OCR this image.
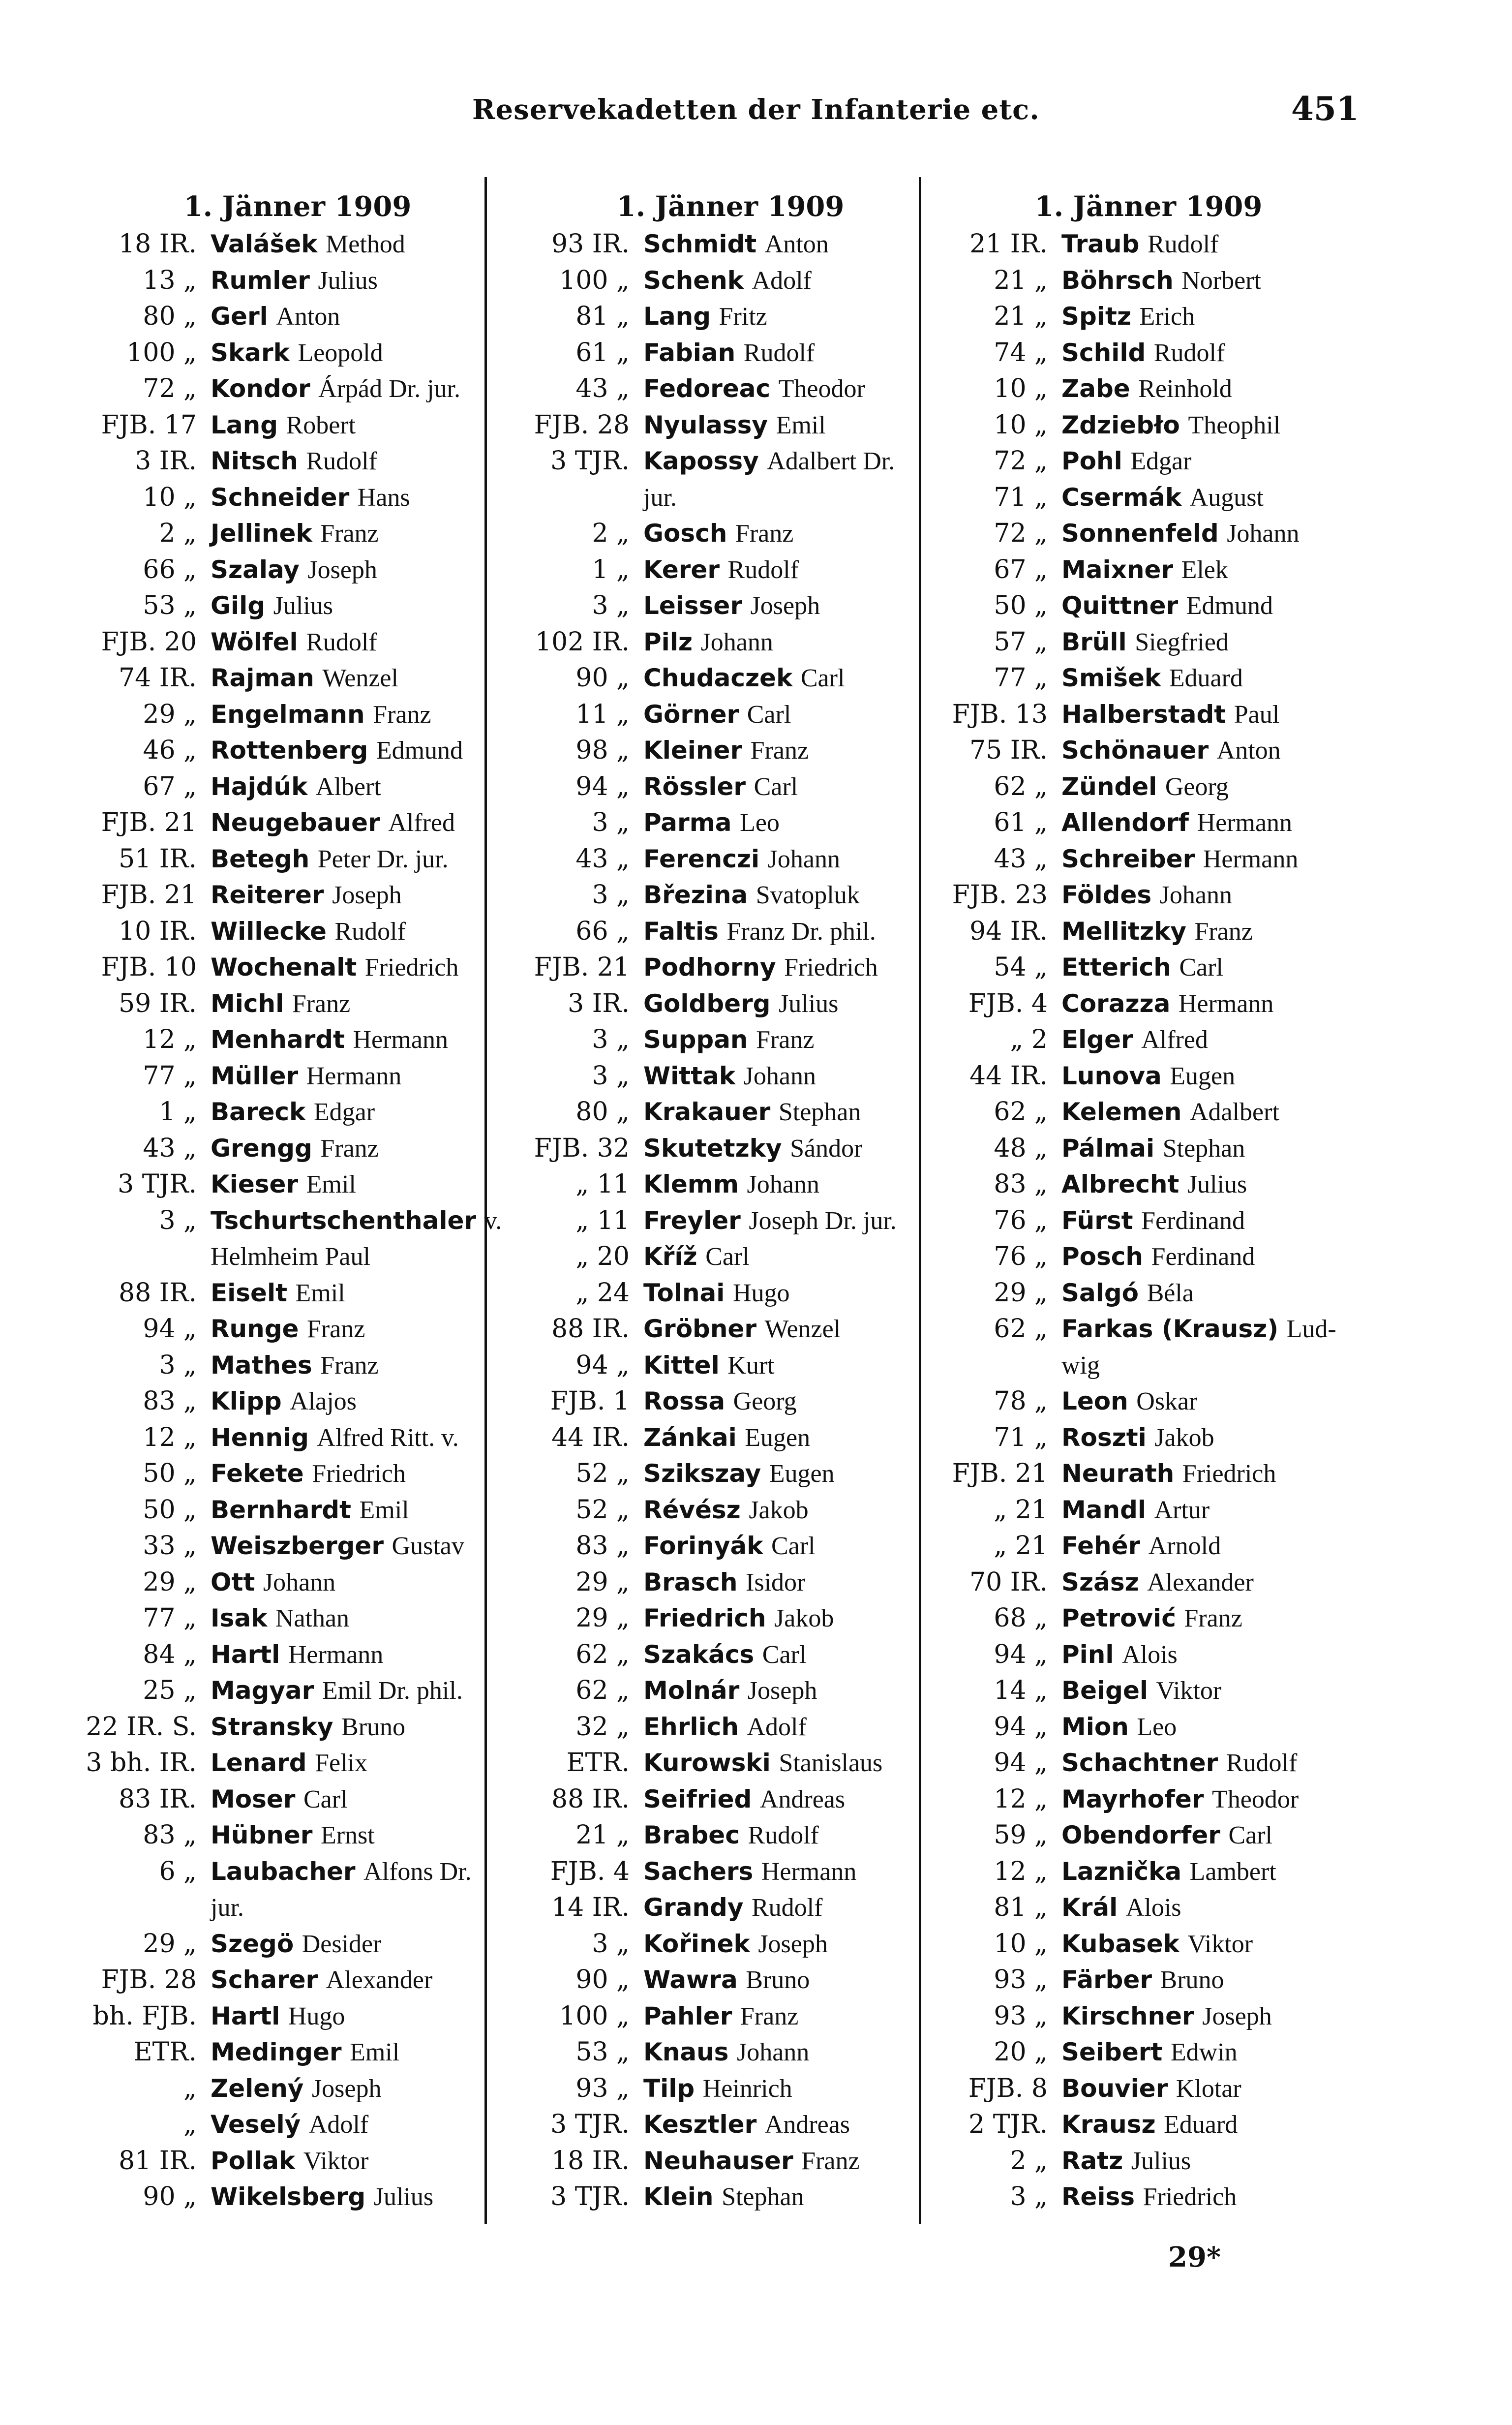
Reservekadetten der Infanterie etc.	451
1. Jänner 1909
18 IR. Valášek Method
13 „ Rumler Julius
80 „ Gerl Anton
100 „ Skark Leopold
72 „ Kondor Árpád Dr. jur.
FJB. 17 Lang Robert
3 IR. Nitsch Rudolf
10 „ Schneider Hans
2 „ Jellinek Franz
66 „ Szalay Joseph
53 „ Gilg Julius
FJB. 20 Wölfel Rudolf
74 IR. Rajman Wenzel
29 „ Engelmann Franz
46 „ Rottenberg Edmund
67 „ Hajdúk Albert
FJB. 21 Neugebauer Alfred
51 IR. Betegh Peter Dr. jur.
FJB. 21 Reiterer Joseph
10 IR. Willecke Rudolf
FJB. 10 Wochenalt Friedrich
59 IR. Michl Franz
12 „ Menhardt Hermann
77 „ Müller Hermann
1 „ Bareck Edgar
43 „ Grengg Franz
3 TJR. Kieser Emil
3 „ Tschurtschenthaler v.
Helmheim Paul
88 IR. Eiselt Emil
94 „ Runge Franz
3 „ Mathes Franz
83 „ Klipp Alajos
12 „ Hennig Alfred Ritt. v.
50 „ Fekete Friedrich
50 „ Bernhardt Emil
33 „ Weiszberger Gustav
29 „ Ott Johann
77 „ Isak Nathan
84 „ Hartl Hermann
25 „ Magyar Emil Dr. phil.
22 IR. S. Stransky Bruno
3 bh. IR. Lenard Felix
83 IR. Moser Carl
83 „ Hübner Ernst
6 „ Laubacher Alfons Dr.
jur.
29 „ Szegö Desider
FJB. 28 Scharer Alexander
bh. FJB. Hartl Hugo
ETR. Medinger Emil
„ Zelený Joseph
„ Veselý Adolf
81 IR. Pollak Viktor
90 „ Wikelsberg Julius
1. Jänner 1909
93 IR. Schmidt Anton
100 „ Schenk Adolf
81 „ Lang Fritz
61 „ Fabian Rudolf
43 „ Fedoreac Theodor
FJB. 28 Nyulassy Emil
3 TJR. Kapossy Adalbert Dr.
jur.
2 „ Gosch Franz
1 „ Kerer Rudolf
3 „ Leisser Joseph
102 IR. Pilz Johann
90 „ Chudaczek Carl
11 „ Görner Carl
98 „ Kleiner Franz
94 „ Rössler Carl
3 „ Parma Leo
43 „ Ferenczi Johann
3 „ Březina Svatopluk
66 „ Faltis Franz Dr. phil.
FJB. 21 Podhorny Friedrich
3 IR. Goldberg Julius
3 „ Suppan Franz
3 „ Wittak Johann
80 „ Krakauer Stephan
FJB. 32 Skutetzky Sándor
„ 11 Klemm Johann
„ 11 Freyler Joseph Dr. jur.
„ 20 Kříž Carl
„ 24 Tolnai Hugo
88 IR. Gröbner Wenzel
94 „ Kittel Kurt
FJB. 1 Rossa Georg
44 IR. Zánkai Eugen
52 „ Szikszay Eugen
52 „ Révész Jakob
83 „ Forinyák Carl
29 „ Brasch Isidor
29 „ Friedrich Jakob
62 „ Szakács Carl
62 „ Molnár Joseph
32 „ Ehrlich Adolf
ETR. Kurowski Stanislaus
88 IR. Seifried Andreas
21 „ Brabec Rudolf
FJB. 4 Sachers Hermann
14 IR. Grandy Rudolf
3 „ Kořinek Joseph
90 „ Wawra Bruno
100 „ Pahler Franz
53 „ Knaus Johann
93 „ Tilp Heinrich
3 TJR. Kesztler Andreas
18 IR. Neuhauser Franz
3 TJR. Klein Stephan
1. Jänner 1909
21 IR. Traub Rudolf
21 „ Böhrsch Norbert
21 „ Spitz Erich
74 „ Schild Rudolf
10 „ Zabe Reinhold
10 „ Zdziebło Theophil
72 „ Pohl Edgar
71 „ Csermák August
72 „ Sonnenfeld Johann
67 „ Maixner Elek
50 „ Quittner Edmund
57 „ Brüll Siegfried
77 „ Smišek Eduard
FJB. 13 Halberstadt Paul
75 IR. Schönauer Anton
62 „ Zündel Georg
61 „ Allendorf Hermann
43 „ Schreiber Hermann
FJB. 23 Földes Johann
94 IR. Mellitzky Franz
54 „ Etterich Carl
FJB. 4 Corazza Hermann
„ 2 Elger Alfred
44 IR. Lunova Eugen
62 „ Kelemen Adalbert
48 „ Pálmai Stephan
83 „ Albrecht Julius
76 „ Fürst Ferdinand
76 „ Posch Ferdinand
29 „ Salgó Béla
62 „ Farkas (Krausz) Lud-
wig
78 „ Leon Oskar
71 „ Roszti Jakob
FJB. 21 Neurath Friedrich
„ 21 Mandl Artur
„ 21 Fehér Arnold
70 IR. Szász Alexander
68 „ Petrović Franz
94 „ Pinl Alois
14 „ Beigel Viktor
94 „ Mion Leo
94 „ Schachtner Rudolf
12 „ Mayrhofer Theodor
59 „ Obendorfer Carl
12 „ Laznička Lambert
81 „ Král Alois
10 „ Kubasek Viktor
93 „ Färber Bruno
93 „ Kirschner Joseph
20 „ Seibert Edwin
FJB. 8 Bouvier Klotar
2 TJR. Krausz Eduard
2 „ Ratz Julius
3 „ Reiss Friedrich
29*
